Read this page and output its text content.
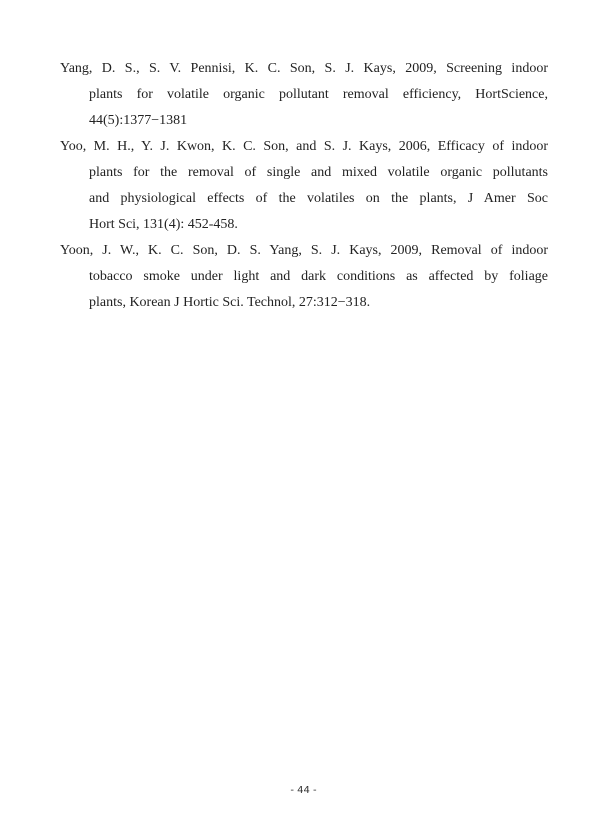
Yang, D. S., S. V. Pennisi, K. C. Son, S. J. Kays, 2009, Screening indoor
plants for volatile organic pollutant removal efficiency, HortScience,
44(5):1377−1381
Yoo, M. H., Y. J. Kwon, K. C. Son, and S. J. Kays, 2006, Efficacy of indoor
plants for the removal of single and mixed volatile organic pollutants
and physiological effects of the volatiles on the plants, J Amer Soc
Hort Sci, 131(4): 452-458.
Yoon, J. W., K. C. Son, D. S. Yang, S. J. Kays, 2009, Removal of indoor
tobacco smoke under light and dark conditions as affected by foliage
plants, Korean J Hortic Sci. Technol, 27:312−318.
- 44 -
